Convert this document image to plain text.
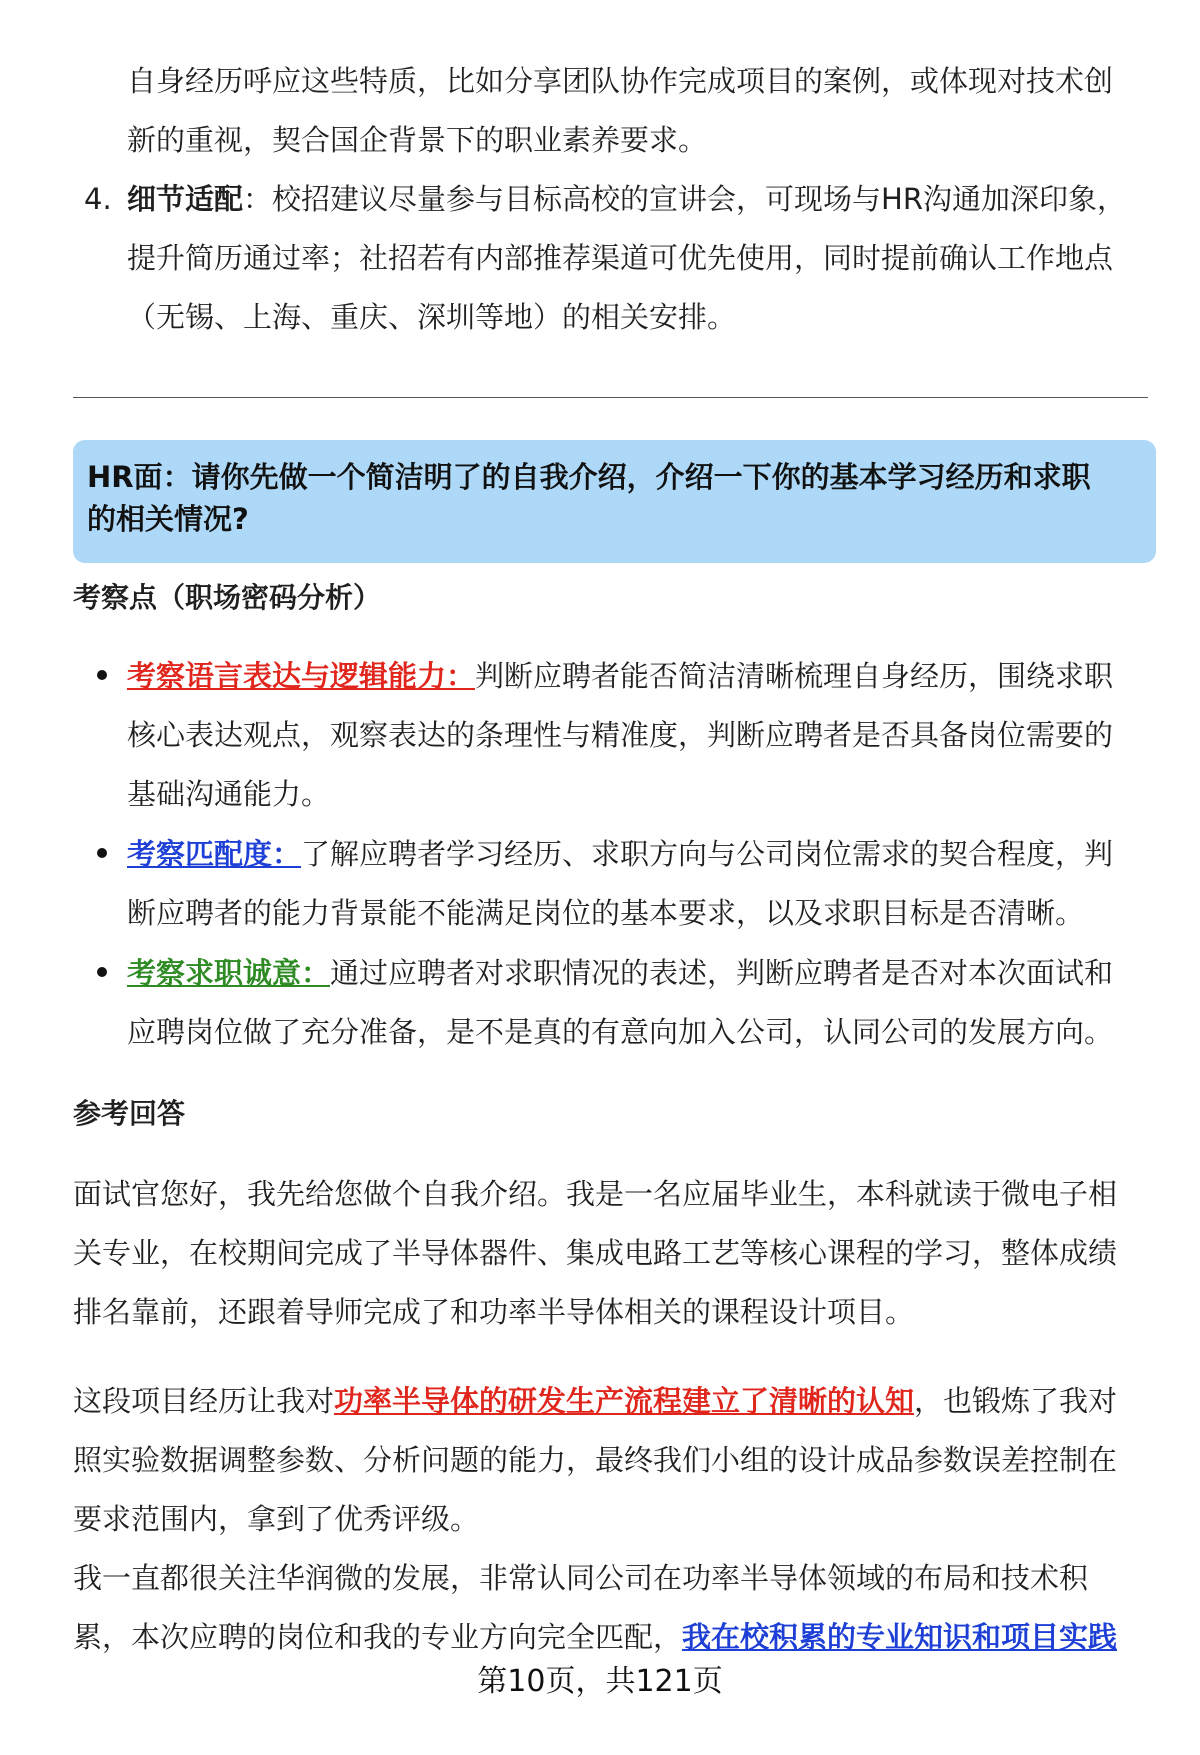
自身经历呼应这些特质，比如分享团队协作完成项目的案例，或体现对技术创
新的重视，契合国企背景下的职业素养要求。
4. 细节适配：校招建议尽量参与目标高校的宣讲会，可现场与HR沟通加深印象，
提升简历通过率；社招若有内部推荐渠道可优先使用，同时提前确认工作地点
（无锡、上海、重庆、深圳等地）的相关安排。
HR面：请你先做一个简洁明了的自我介绍，介绍一下你的基本学习经历和求职
的相关情况?
考察点（职场密码分析）
考察语言表达与逻辑能力：判断应聘者能否简洁清晰梳理自身经历，围绕求职
核心表达观点，观察表达的条理性与精准度，判断应聘者是否具备岗位需要的
基础沟通能力。
考察匹配度：了解应聘者学习经历、求职方向与公司岗位需求的契合程度，判
断应聘者的能力背景能不能满足岗位的基本要求，以及求职目标是否清晰。
考察求职诚意：通过应聘者对求职情况的表述，判断应聘者是否对本次面试和
应聘岗位做了充分准备，是不是真的有意向加入公司，认同公司的发展方向。
参考回答
面试官您好，我先给您做个自我介绍。我是一名应届毕业生，本科就读于微电子相
关专业，在校期间完成了半导体器件、集成电路工艺等核心课程的学习，整体成绩
排名靠前，还跟着导师完成了和功率半导体相关的课程设计项目。
这段项目经历让我对功率半导体的研发生产流程建立了清晰的认知，也锻炼了我对
照实验数据调整参数、分析问题的能力，最终我们小组的设计成品参数误差控制在
要求范围内，拿到了优秀评级。
我一直都很关注华润微的发展，非常认同公司在功率半导体领域的布局和技术积
累，本次应聘的岗位和我的专业方向完全匹配，我在校积累的专业知识和项目实践
第10页，共121页
